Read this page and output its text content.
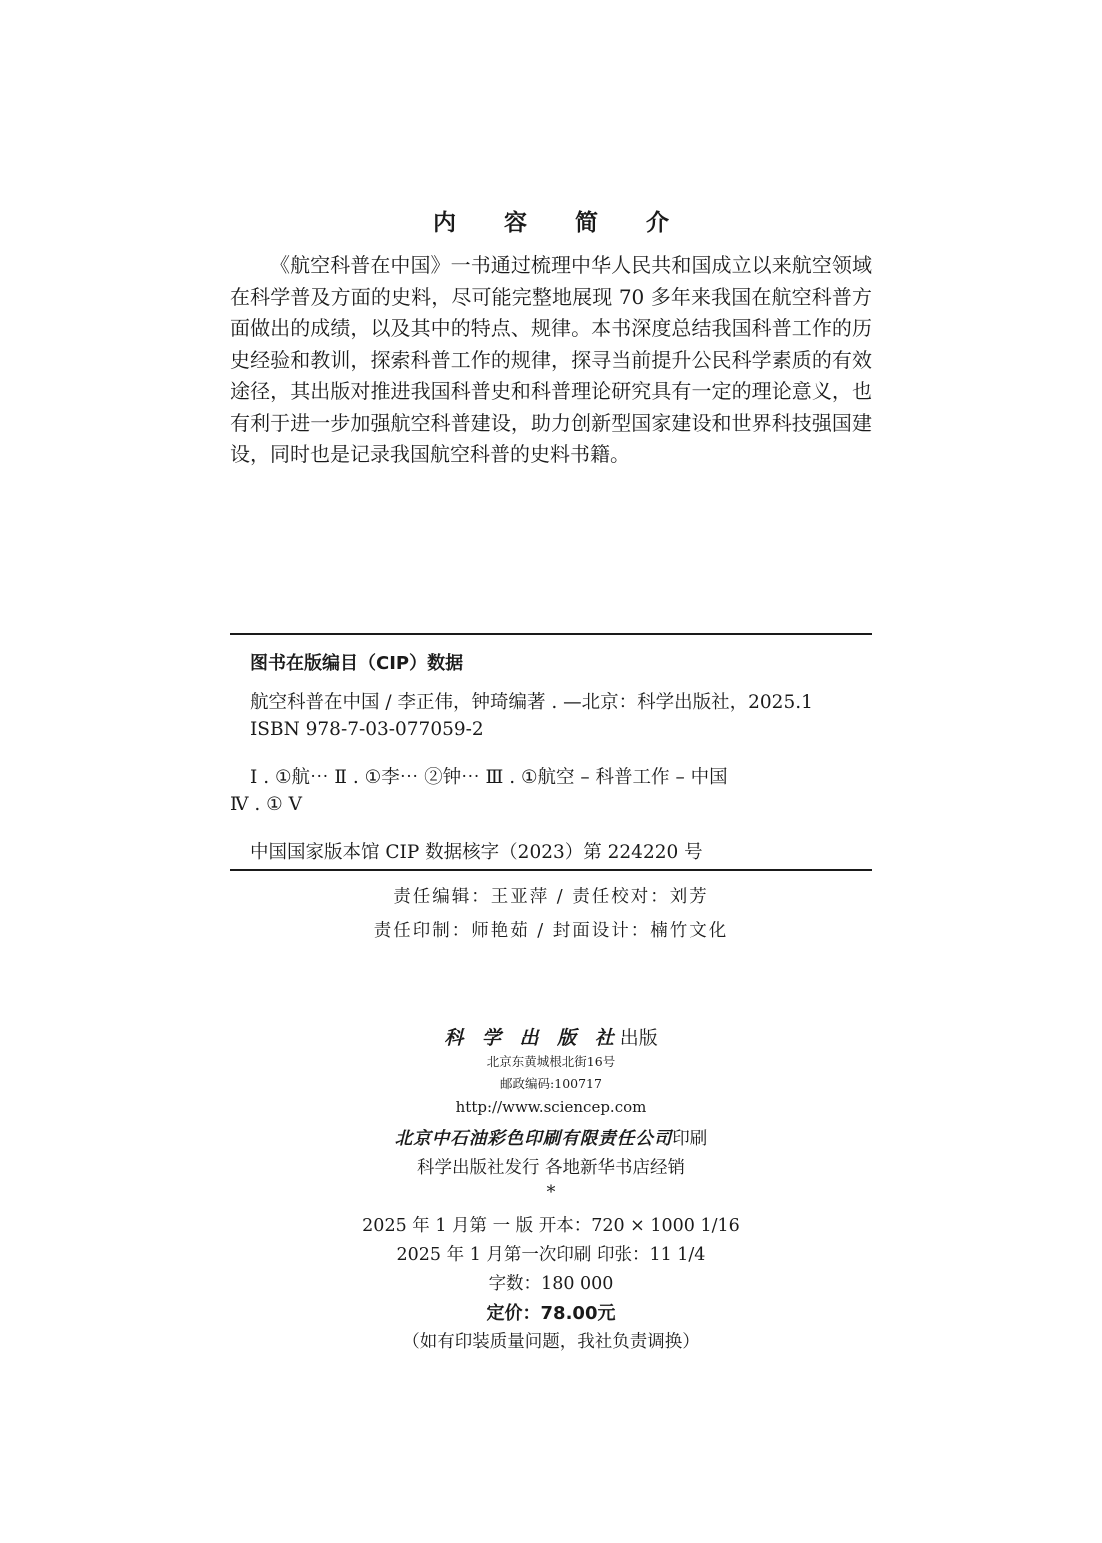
内 容 简 介

《航空科普在中国》一书通过梳理中华人民共和国成立以来航空领域在科学普及方面的史料，尽可能完整地展现 70 多年来我国在航空科普方面做出的成绩，以及其中的特点、规律。本书深度总结我国科普工作的历史经验和教训，探索科普工作的规律，探寻当前提升公民科学素质的有效途径，其出版对推进我国科普史和科普理论研究具有一定的理论意义，也有利于进一步加强航空科普建设，助力创新型国家建设和世界科技强国建设，同时也是记录我国航空科普的史料书籍。

图书在版编目（CIP）数据
航空科普在中国 / 李正伟，钟琦编著 . —北京：科学出版社，2025.1
ISBN 978-7-03-077059-2
Ⅰ . ①航⋯ Ⅱ . ①李⋯ ②钟⋯ Ⅲ . ①航空 – 科普工作 – 中国
Ⅳ . ① V
中国国家版本馆 CIP 数据核字（2023）第 224220 号
责任编辑：王亚萍 / 责任校对：刘芳
责任印制：师艳茹 / 封面设计：楠竹文化
科 学 出 版 社出版
北京东黄城根北街16号
邮政编码:100717
http://www.sciencep.com
北京中石油彩色印刷有限责任公司印刷
科学出版社发行 各地新华书店经销
*
2025 年 1 月第 一 版 开本：720 × 1000 1/16
2025 年 1 月第一次印刷 印张：11 1/4
字数：180 000
定价：78.00元
（如有印装质量问题，我社负责调换）
